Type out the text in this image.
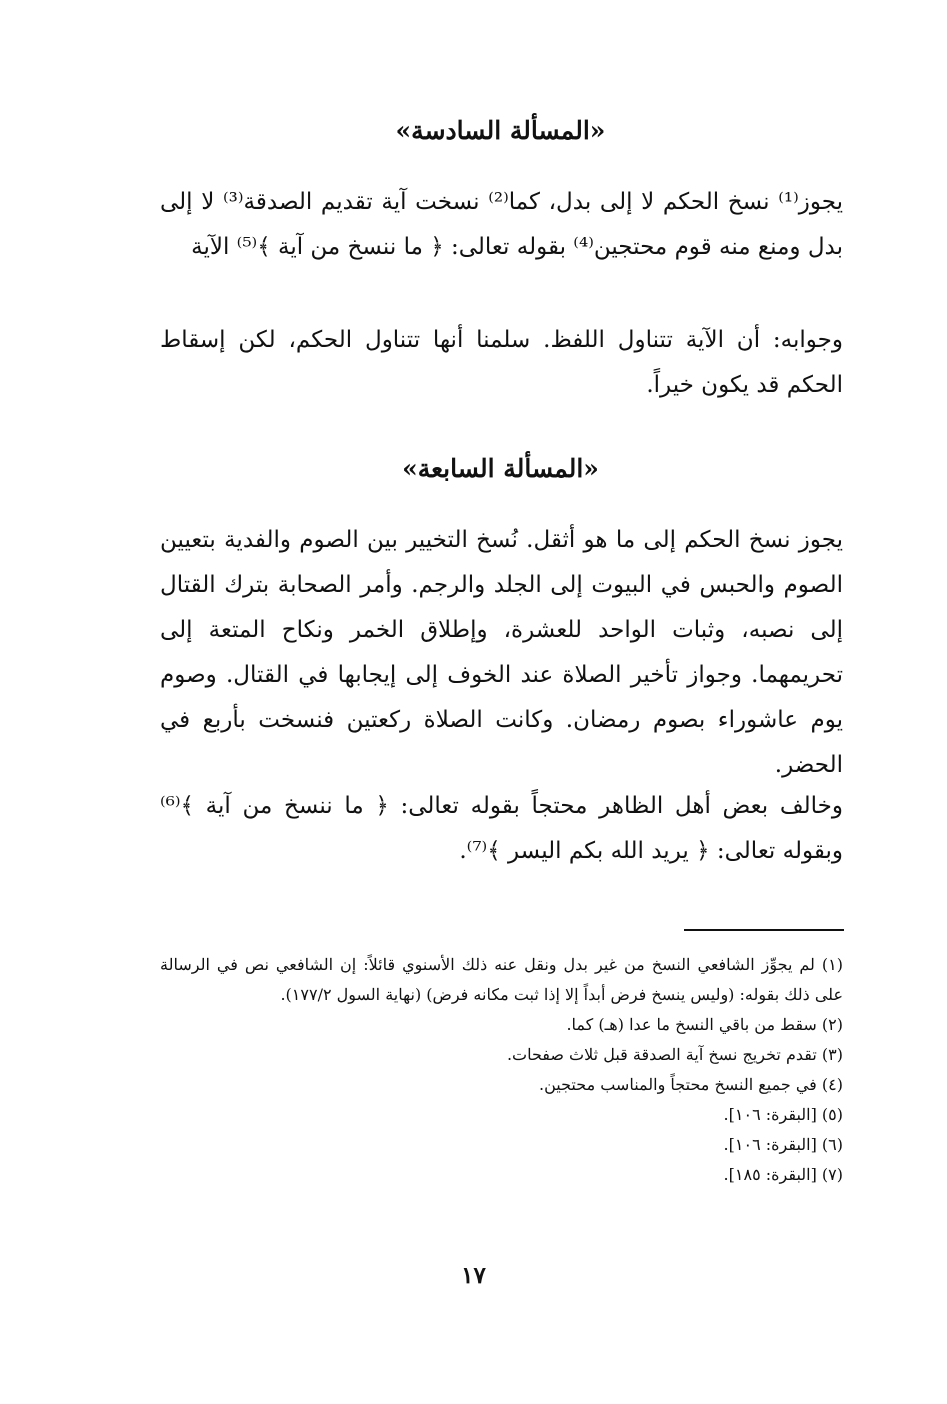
«المسألة السادسة»

يجوز⁽¹⁾ نسخ الحكم لا إلى بدل، كما⁽²⁾ نسخت آية تقديم الصدقة⁽³⁾ لا إلى بدل ومنع منه قوم محتجين⁽⁴⁾ بقوله تعالى: ﴿ ما ننسخ من آية ﴾⁽⁵⁾ الآية

وجوابه: أن الآية تتناول اللفظ. سلمنا أنها تتناول الحكم، لكن إسقاط الحكم قد يكون خيراً.

«المسألة السابعة»

يجوز نسخ الحكم إلى ما هو أثقل. نُسخ التخيير بين الصوم والفدية بتعيين الصوم والحبس في البيوت إلى الجلد والرجم. وأمر الصحابة بترك القتال إلى نصبه، وثبات الواحد للعشرة، وإطلاق الخمر ونكاح المتعة إلى تحريمهما. وجواز تأخير الصلاة عند الخوف إلى إيجابها في القتال. وصوم يوم عاشوراء بصوم رمضان. وكانت الصلاة ركعتين فنسخت بأربع في الحضر.

وخالف بعض أهل الظاهر محتجاً بقوله تعالى: ﴿ ما ننسخ من آية ﴾⁽⁶⁾ وبقوله تعالى: ﴿ يريد الله بكم اليسر ﴾⁽⁷⁾.

(١) لم يجوِّز الشافعي النسخ من غير بدل ونقل عنه ذلك الأسنوي قائلاً: إن الشافعي نص في الرسالة على ذلك بقوله: (وليس ينسخ فرض أبداً إلا إذا ثبت مكانه فرض) (نهاية السول ١٧٧/٢).

(٢) سقط من باقي النسخ ما عدا (هـ) كما.

(٣) تقدم تخريج نسخ آية الصدقة قبل ثلاث صفحات.

(٤) في جميع النسخ محتجاً والمناسب محتجين.

(٥) [البقرة: ١٠٦].

(٦) [البقرة: ١٠٦].

(٧) [البقرة: ١٨٥].

١٧
